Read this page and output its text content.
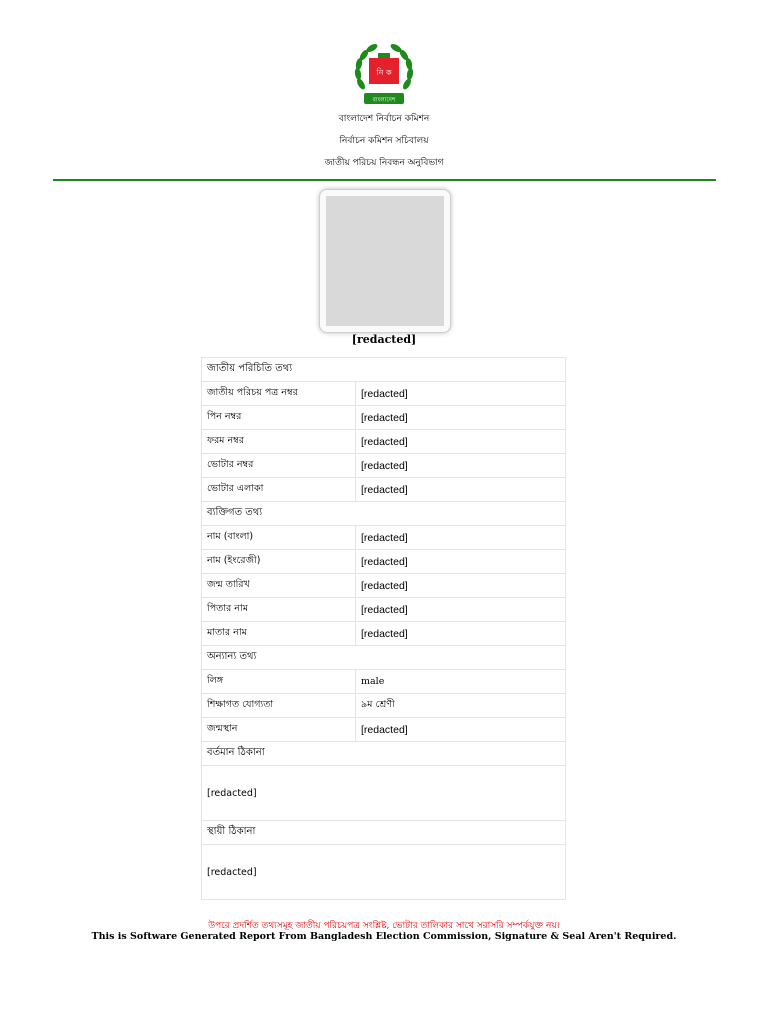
নি ক
বাংলাদেশ
বাংলাদেশ নির্বাচন কমিশন
নির্বাচন কমিশন সচিবালয়
জাতীয় পরিচয় নিবন্ধন অনুবিভাগ
[redacted]
জাতীয় পরিচিতি তথ্য	
জাতীয় পরিচয় পত্র নম্বর	[redacted]
পিন নম্বর	[redacted]
ফরম নম্বর	[redacted]
ভোটার নম্বর	[redacted]
ভোটার এলাকা	[redacted]
ব্যক্তিগত তথ্য	
নাম (বাংলা)	[redacted]
নাম (ইংরেজী)	[redacted]
জন্ম তারিখ	[redacted]
পিতার নাম	[redacted]
মাতার নাম	[redacted]
অন্যান্য তথ্য	
লিঙ্গ	male
শিক্ষাগত যোগ্যতা	৯ম শ্রেণী
জন্মস্থান	[redacted]
বর্তমান ঠিকানা	
[redacted]	
স্থায়ী ঠিকানা	
[redacted]	
উপরে প্রদর্শিত তথ্যসমূহ জাতীয় পরিচয়পত্র সংশ্লিষ্ট, ভোটার তালিকার সাথে সরাসরি সম্পর্কযুক্ত নয়।
This is Software Generated Report From Bangladesh Election Commission, Signature & Seal Aren't Required.
